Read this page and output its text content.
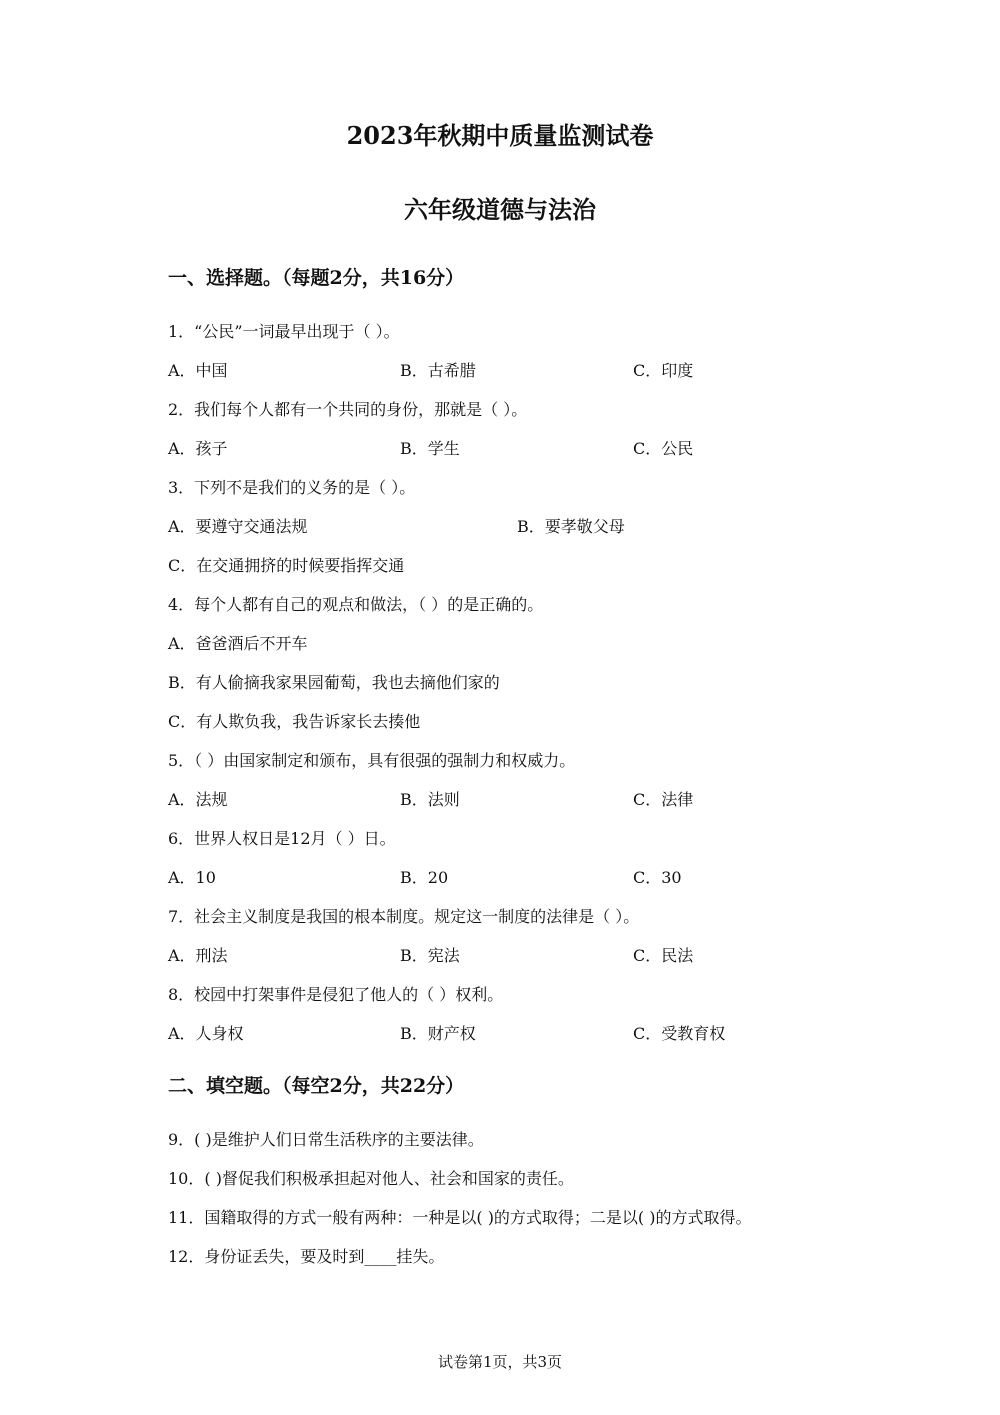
2023年秋期中质量监测试卷
六年级道德与法治
一、选择题。（每题2分，共16分）
1．“公民”一词最早出现于（ ）。
A．中国	B．古希腊	C．印度
2．我们每个人都有一个共同的身份，那就是（ ）。
A．孩子	B．学生	C．公民
3．下列不是我们的义务的是（ ）。
A．要遵守交通法规	B．要孝敬父母
C．在交通拥挤的时候要指挥交通
4．每个人都有自己的观点和做法，（ ）的是正确的。
A．爸爸酒后不开车
B．有人偷摘我家果园葡萄，我也去摘他们家的
C．有人欺负我，我告诉家长去揍他
5．（ ）由国家制定和颁布，具有很强的强制力和权威力。
A．法规	B．法则	C．法律
6．世界人权日是12月（ ）日。
A．10	B．20	C．30
7．社会主义制度是我国的根本制度。规定这一制度的法律是（ ）。
A．刑法	B．宪法	C．民法
8．校园中打架事件是侵犯了他人的（ ）权利。
A．人身权	B．财产权	C．受教育权
二、填空题。（每空2分，共22分）
9．( )是维护人们日常生活秩序的主要法律。
10．( )督促我们积极承担起对他人、社会和国家的责任。
11．国籍取得的方式一般有两种：一种是以( )的方式取得；二是以( )的方式取得。
12．身份证丢失，要及时到____挂失。
试卷第1页，共3页
